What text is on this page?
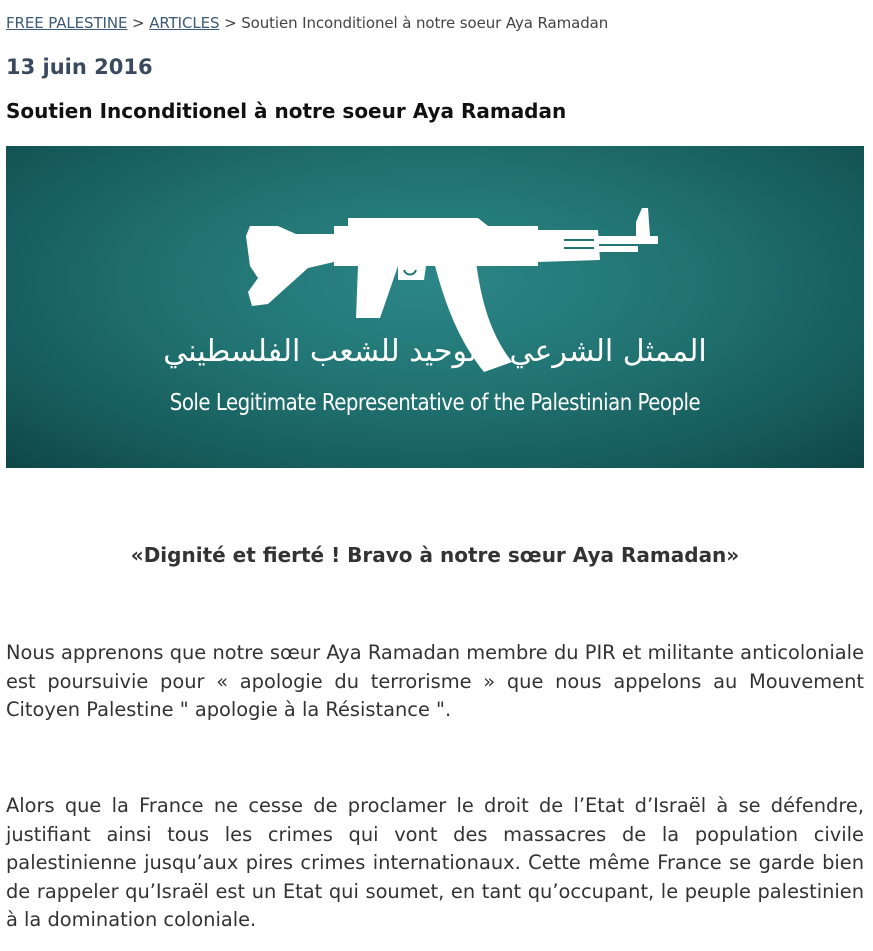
FREE PALESTINE > ARTICLES > Soutien Inconditionel à notre soeur Aya Ramadan
13 juin 2016
Soutien Inconditionel à notre soeur Aya Ramadan
الممثل الشرعي والوحيد للشعب الفلسطيني
Sole Legitimate Representative of the Palestinian People
«Dignité et fierté ! Bravo à notre sœur Aya Ramadan»

Nous apprenons que notre sœur Aya Ramadan membre du PIR et militante anticoloniale est poursuivie pour « apologie du terrorisme » que nous appelons au Mouvement Citoyen Palestine " apologie à la Résistance ".

Alors que la France ne cesse de proclamer le droit de l’Etat d’Israël à se défendre, justifiant ainsi tous les crimes qui vont des massacres de la population civile palestinienne jusqu’aux pires crimes internationaux. Cette même France se garde bien de rappeler qu’Israël est un Etat qui soumet, en tant qu’occupant, le peuple palestinien à la domination coloniale.
